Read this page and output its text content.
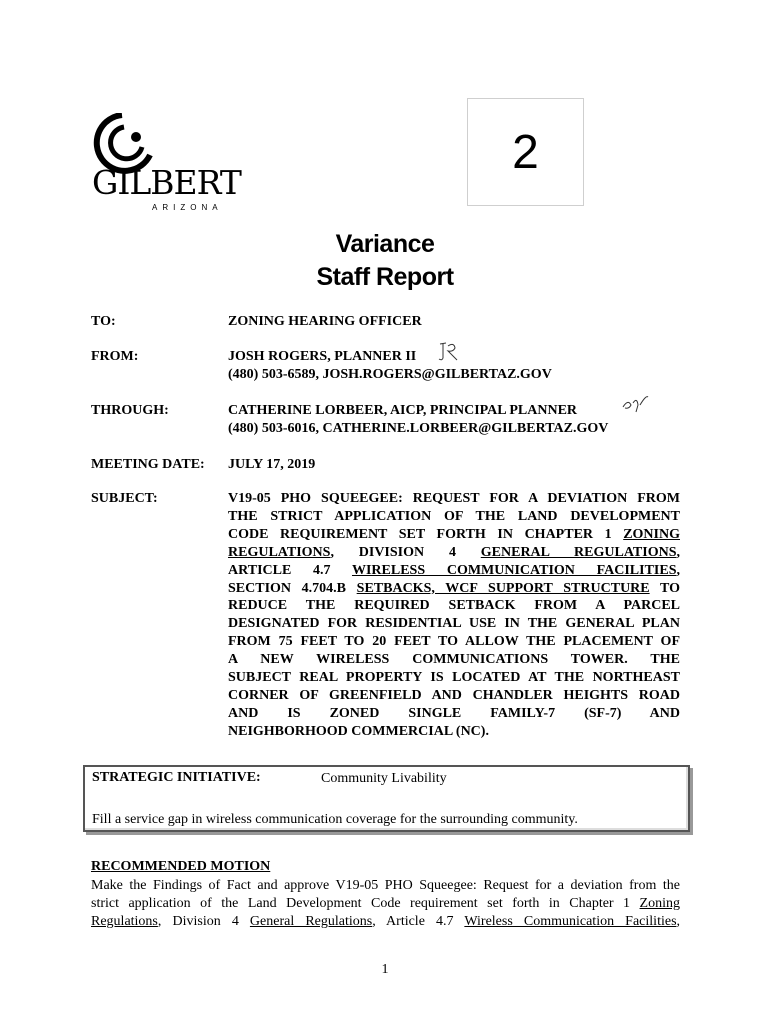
GILBERT
ARIZONA
2
Variance
Staff Report
TO:	ZONING HEARING OFFICER
FROM:	JOSH ROGERS, PLANNER II
(480) 503-6589, JOSH.ROGERS@GILBERTAZ.GOV
THROUGH:	CATHERINE LORBEER, AICP, PRINCIPAL PLANNER
(480) 503-6016, CATHERINE.LORBEER@GILBERTAZ.GOV
MEETING DATE: JULY 17, 2019
SUBJECT:	V19-05 PHO SQUEEGEE: REQUEST FOR A DEVIATION FROM
THE STRICT APPLICATION OF THE LAND DEVELOPMENT
CODE REQUIREMENT SET FORTH IN CHAPTER 1 ZONING
REGULATIONS, DIVISION 4 GENERAL REGULATIONS,
ARTICLE 4.7 WIRELESS COMMUNICATION FACILITIES,
SECTION 4.704.B SETBACKS, WCF SUPPORT STRUCTURE TO
REDUCE THE REQUIRED SETBACK FROM A PARCEL
DESIGNATED FOR RESIDENTIAL USE IN THE GENERAL PLAN
FROM 75 FEET TO 20 FEET TO ALLOW THE PLACEMENT OF
A NEW WIRELESS COMMUNICATIONS TOWER. THE
SUBJECT REAL PROPERTY IS LOCATED AT THE NORTHEAST
CORNER OF GREENFIELD AND CHANDLER HEIGHTS ROAD
AND IS ZONED SINGLE FAMILY-7 (SF-7) AND
NEIGHBORHOOD COMMERCIAL (NC).
STRATEGIC INITIATIVE:	Community Livability
Fill a service gap in wireless communication coverage for the surrounding community.
RECOMMENDED MOTION
Make the Findings of Fact and approve V19-05 PHO Squeegee: Request for a deviation from the
strict application of the Land Development Code requirement set forth in Chapter 1 Zoning
Regulations, Division 4 General Regulations, Article 4.7 Wireless Communication Facilities,
1
